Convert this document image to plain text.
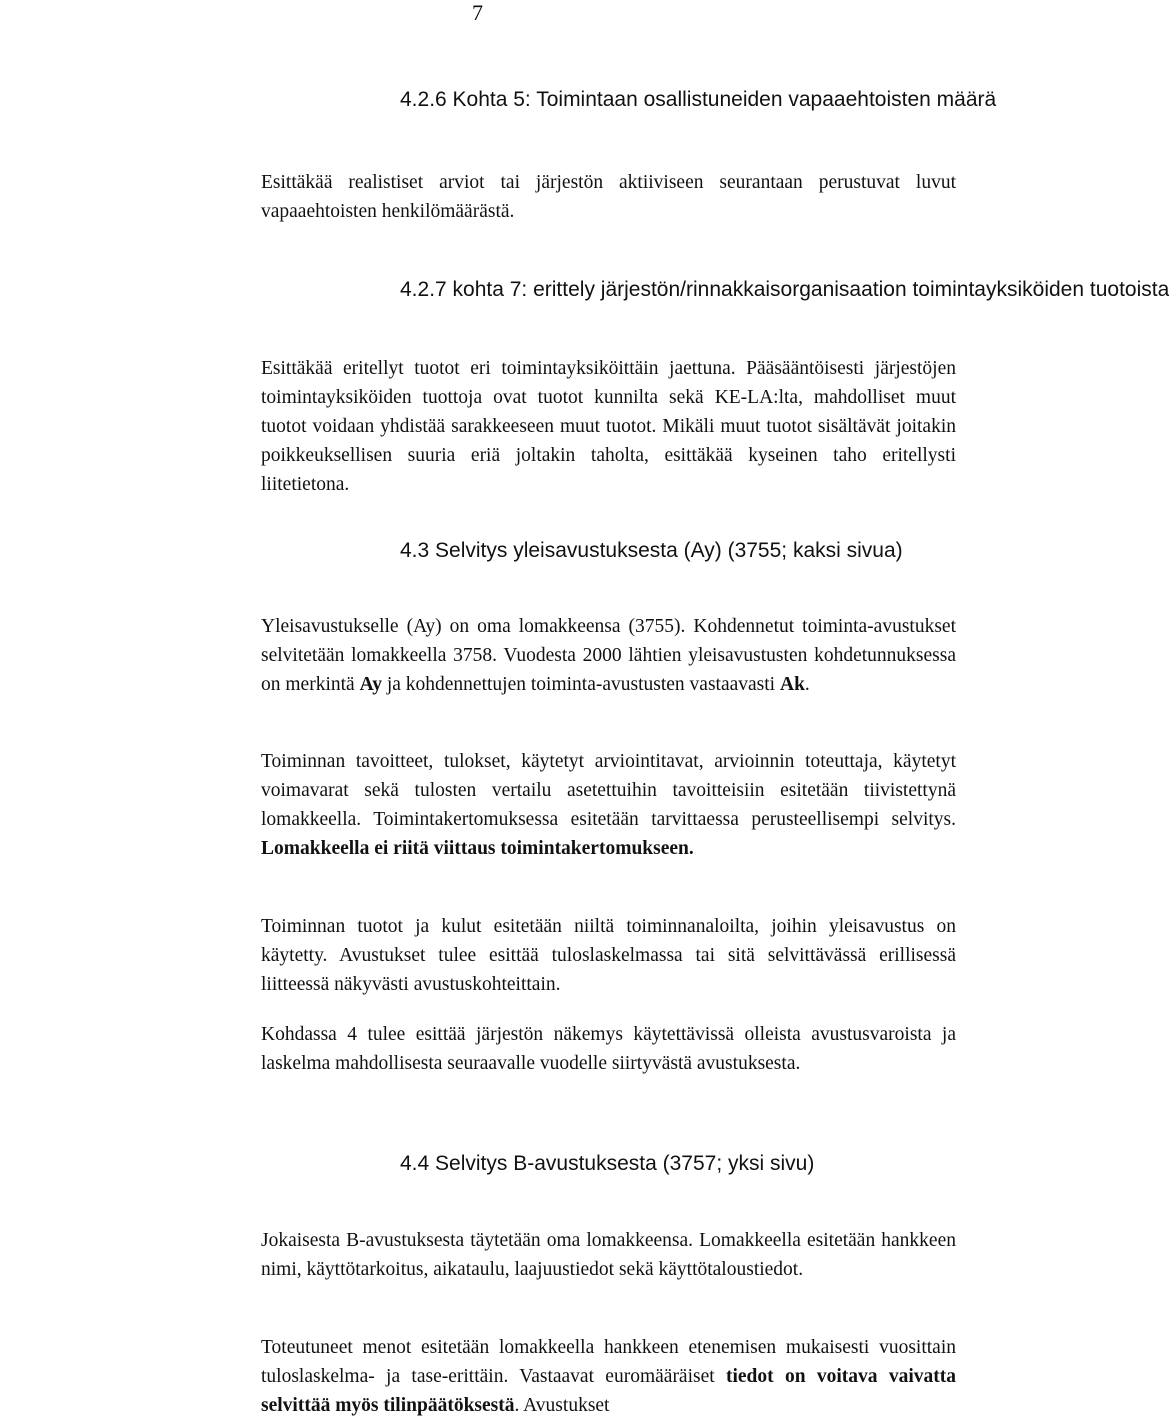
7
4.2.6 Kohta 5: Toimintaan osallistuneiden vapaaehtoisten määrä

Esittäkää realistiset arviot tai järjestön aktiiviseen seurantaan perustuvat luvut vapaaehtoisten henkilömäärästä.

4.2.7 kohta 7: erittely järjestön/rinnakkaisorganisaation toimintayksiköiden tuotoista

Esittäkää eritellyt tuotot eri toimintayksiköittäin jaettuna. Pääsääntöisesti järjestöjen toimintayksiköiden tuottoja ovat tuotot kunnilta sekä KE-LA:lta, mahdolliset muut tuotot voidaan yhdistää sarakkeeseen muut tuotot. Mikäli muut tuotot sisältävät joitakin poikkeuksellisen suuria eriä joltakin taholta, esittäkää kyseinen taho eritellysti liitetietona.

4.3 Selvitys yleisavustuksesta (Ay) (3755; kaksi sivua)

Yleisavustukselle (Ay) on oma lomakkeensa (3755). Kohdennetut toiminta-avustukset selvitetään lomakkeella 3758. Vuodesta 2000 lähtien yleisavustusten kohdetunnuksessa on merkintä Ay ja kohdennettujen toiminta-avustusten vastaavasti Ak.

Toiminnan tavoitteet, tulokset, käytetyt arviointitavat, arvioinnin toteuttaja, käytetyt voimavarat sekä tulosten vertailu asetettuihin tavoitteisiin esitetään tiivistettynä lomakkeella. Toimintakertomuksessa esitetään tarvittaessa perusteellisempi selvitys. Lomakkeella ei riitä viittaus toimintakertomukseen.

Toiminnan tuotot ja kulut esitetään niiltä toiminnanaloilta, joihin yleisavustus on käytetty. Avustukset tulee esittää tuloslaskelmassa tai sitä selvittävässä erillisessä liitteessä näkyvästi avustuskohteittain.

Kohdassa 4 tulee esittää järjestön näkemys käytettävissä olleista avustusvaroista ja laskelma mahdollisesta seuraavalle vuodelle siirtyvästä avustuksesta.

4.4 Selvitys B-avustuksesta (3757; yksi sivu)

Jokaisesta B-avustuksesta täytetään oma lomakkeensa. Lomakkeella esitetään hankkeen nimi, käyttötarkoitus, aikataulu, laajuustiedot sekä käyttötaloustiedot.

Toteutuneet menot esitetään lomakkeella hankkeen etenemisen mukaisesti vuosittain tuloslaskelma- ja tase-erittäin. Vastaavat euromääräiset tiedot on voitava vaivatta selvittää myös tilinpäätöksestä. Avustukset
